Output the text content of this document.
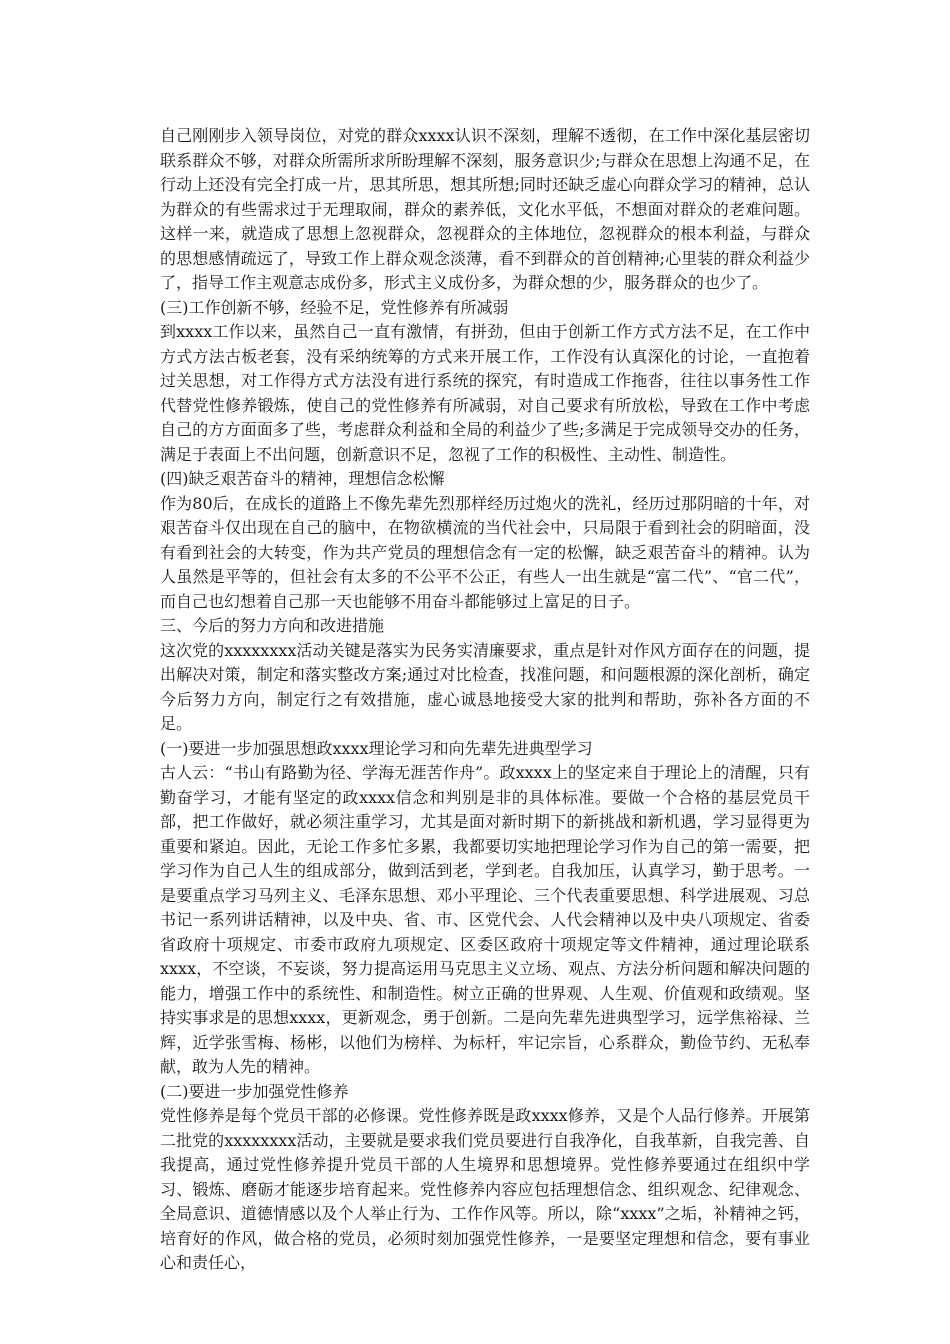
自己刚刚步入领导岗位，对党的群众xxxx认识不深刻，理解不透彻，在工作中深化基层密切联系群众不够，对群众所需所求所盼理解不深刻，服务意识少;与群众在思想上沟通不足，在行动上还没有完全打成一片，思其所思，想其所想;同时还缺乏虚心向群众学习的精神，总认为群众的有些需求过于无理取闹，群众的素养低，文化水平低，不想面对群众的老难问题。这样一来，就造成了思想上忽视群众，忽视群众的主体地位，忽视群众的根本利益，与群众的思想感情疏远了，导致工作上群众观念淡薄，看不到群众的首创精神;心里装的群众利益少了，指导工作主观意志成份多，形式主义成份多，为群众想的少，服务群众的也少了。

(三)工作创新不够，经验不足，党性修养有所减弱

到xxxx工作以来，虽然自己一直有激情，有拼劲，但由于创新工作方式方法不足，在工作中方式方法古板老套，没有采纳统筹的方式来开展工作，工作没有认真深化的讨论，一直抱着过关思想，对工作得方式方法没有进行系统的探究，有时造成工作拖沓，往往以事务性工作代替党性修养锻炼，使自己的党性修养有所减弱，对自己要求有所放松，导致在工作中考虑自己的方方面面多了些，考虑群众利益和全局的利益少了些;多满足于完成领导交办的任务，满足于表面上不出问题，创新意识不足，忽视了工作的积极性、主动性、制造性。

(四)缺乏艰苦奋斗的精神，理想信念松懈

作为80后，在成长的道路上不像先辈先烈那样经历过炮火的洗礼，经历过那阴暗的十年，对艰苦奋斗仅出现在自己的脑中，在物欲横流的当代社会中，只局限于看到社会的阴暗面，没有看到社会的大转变，作为共产党员的理想信念有一定的松懈，缺乏艰苦奋斗的精神。认为人虽然是平等的，但社会有太多的不公平不公正，有些人一出生就是“富二代”、“官二代”，而自己也幻想着自己那一天也能够不用奋斗都能够过上富足的日子。

三、今后的努力方向和改进措施

这次党的xxxxxxxx活动关键是落实为民务实清廉要求，重点是针对作风方面存在的问题，提出解决对策，制定和落实整改方案;通过对比检查，找准问题，和问题根源的深化剖析，确定今后努力方向，制定行之有效措施，虚心诚恳地接受大家的批判和帮助，弥补各方面的不足。

(一)要进一步加强思想政xxxx理论学习和向先辈先进典型学习

古人云：“书山有路勤为径、学海无涯苦作舟”。政xxxx上的坚定来自于理论上的清醒，只有勤奋学习，才能有坚定的政xxxx信念和判别是非的具体标准。要做一个合格的基层党员干部，把工作做好，就必须注重学习，尤其是面对新时期下的新挑战和新机遇，学习显得更为重要和紧迫。因此，无论工作多忙多累，我都要切实地把理论学习作为自己的第一需要，把学习作为自己人生的组成部分，做到活到老，学到老。自我加压，认真学习，勤于思考。一是要重点学习马列主义、毛泽东思想、邓小平理论、三个代表重要思想、科学进展观、习总书记一系列讲话精神，以及中央、省、市、区党代会、人代会精神以及中央八项规定、省委省政府十项规定、市委市政府九项规定、区委区政府十项规定等文件精神，通过理论联系xxxx，不空谈，不妄谈，努力提高运用马克思主义立场、观点、方法分析问题和解决问题的能力，增强工作中的系统性、和制造性。树立正确的世界观、人生观、价值观和政绩观。坚持实事求是的思想xxxx，更新观念，勇于创新。二是向先辈先进典型学习，远学焦裕禄、兰辉，近学张雪梅、杨彬，以他们为榜样、为标杆，牢记宗旨，心系群众，勤俭节约、无私奉献，敢为人先的精神。

(二)要进一步加强党性修养

党性修养是每个党员干部的必修课。党性修养既是政xxxx修养，又是个人品行修养。开展第二批党的xxxxxxxx活动，主要就是要求我们党员要进行自我净化，自我革新，自我完善、自我提高，通过党性修养提升党员干部的人生境界和思想境界。党性修养要通过在组织中学习、锻炼、磨砺才能逐步培育起来。党性修养内容应包括理想信念、组织观念、纪律观念、全局意识、道德情感以及个人举止行为、工作作风等。所以，除“xxxx”之垢，补精神之钙，培育好的作风，做合格的党员，必须时刻加强党性修养，一是要坚定理想和信念，要有事业心和责任心，
